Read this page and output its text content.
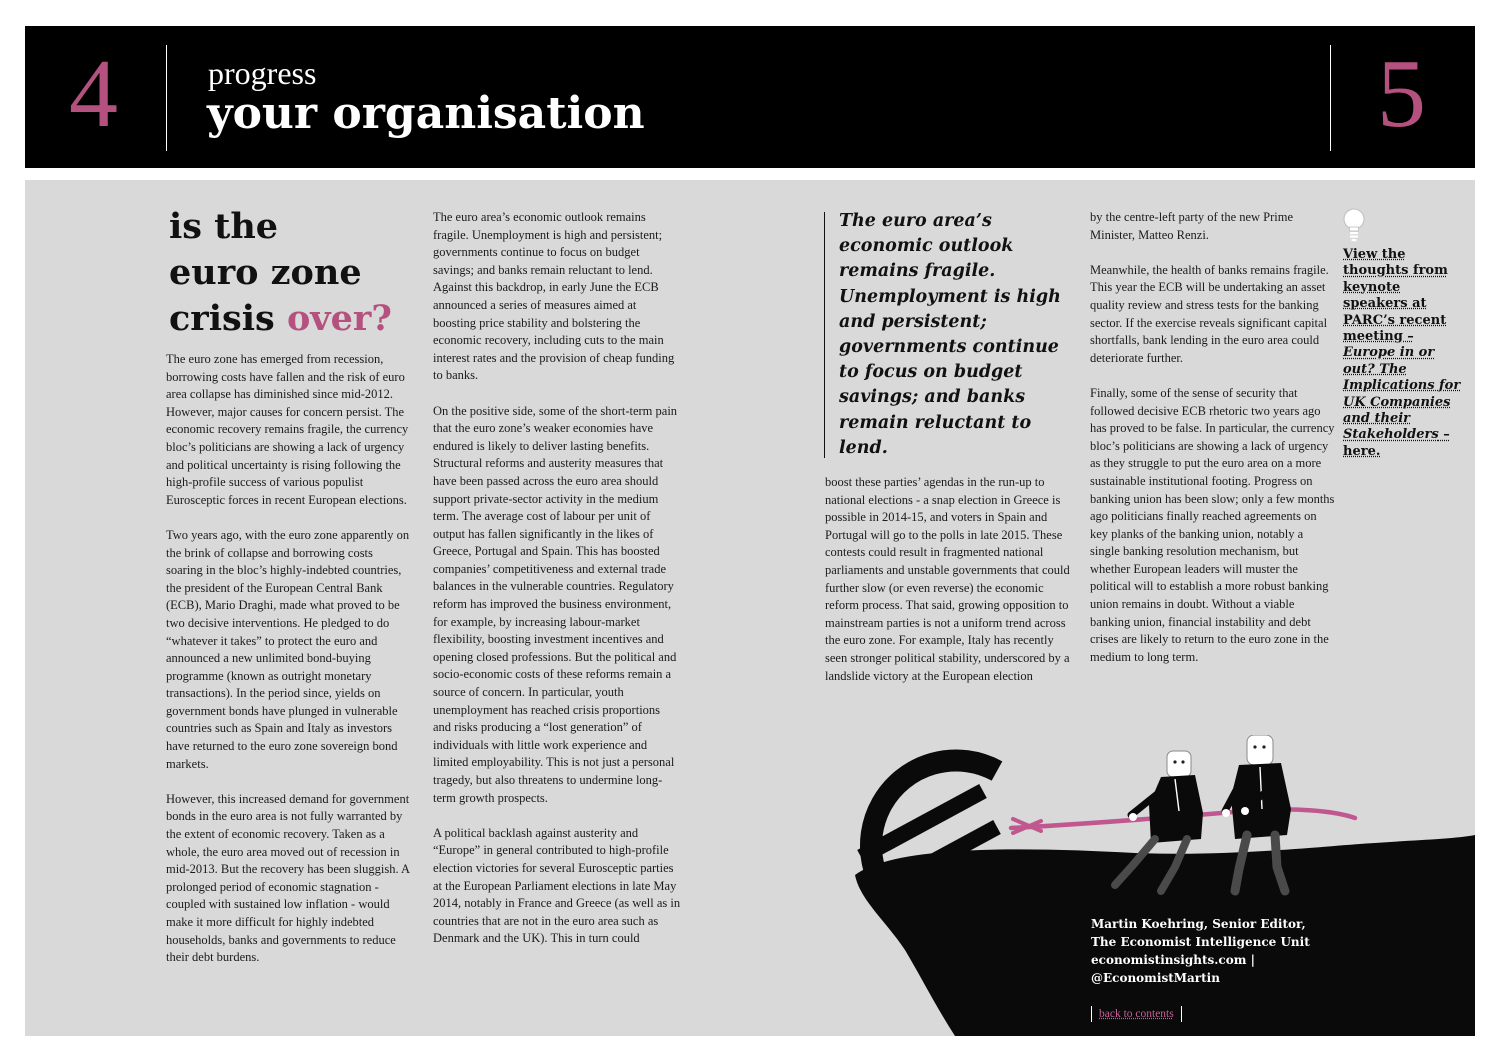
4	progress
your organisation	5
is the
euro zone
crisis over?

The euro zone has emerged from recession, borrowing costs have fallen and the risk of euro area collapse has diminished since mid-2012. However, major causes for concern persist. The economic recovery remains fragile, the currency bloc’s politicians are showing a lack of urgency and political uncertainty is rising following the high-profile success of various populist Eurosceptic forces in recent European elections.

Two years ago, with the euro zone apparently on the brink of collapse and borrowing costs soaring in the bloc’s highly-indebted countries, the president of the European Central Bank (ECB), Mario Draghi, made what proved to be two decisive interventions. He pledged to do “whatever it takes” to protect the euro and announced a new unlimited bond-buying programme (known as outright monetary transactions). In the period since, yields on government bonds have plunged in vulnerable countries such as Spain and Italy as investors have returned to the euro zone sovereign bond markets.

However, this increased demand for government bonds in the euro area is not fully warranted by the extent of economic recovery. Taken as a whole, the euro area moved out of recession in mid-2013. But the recovery has been sluggish. A prolonged period of economic stagnation - coupled with sustained low inflation - would make it more difficult for highly indebted households, banks and governments to reduce their debt burdens.

The euro area’s economic outlook remains fragile. Unemployment is high and persistent; governments continue to focus on budget savings; and banks remain reluctant to lend. Against this backdrop, in early June the ECB announced a series of measures aimed at boosting price stability and bolstering the economic recovery, including cuts to the main interest rates and the provision of cheap funding to banks.

On the positive side, some of the short-term pain that the euro zone’s weaker economies have endured is likely to deliver lasting benefits. Structural reforms and austerity measures that have been passed across the euro area should support private-sector activity in the medium term. The average cost of labour per unit of output has fallen significantly in the likes of Greece, Portugal and Spain. This has boosted companies’ competitiveness and external trade balances in the vulnerable countries. Regulatory reform has improved the business environment, for example, by increasing labour-market flexibility, boosting investment incentives and opening closed professions. But the political and socio-economic costs of these reforms remain a source of concern. In particular, youth unemployment has reached crisis proportions and risks producing a “lost generation” of individuals with little work experience and limited employability. This is not just a personal tragedy, but also threatens to undermine long-term growth prospects.

A political backlash against austerity and “Europe” in general contributed to high-profile election victories for several Eurosceptic parties at the European Parliament elections in late May 2014, notably in France and Greece (as well as in countries that are not in the euro area such as Denmark and the UK). This in turn could

The euro area’s economic outlook remains fragile. Unemployment is high and persistent; governments continue to focus on budget savings; and banks remain reluctant to lend.

boost these parties’ agendas in the run-up to national elections - a snap election in Greece is possible in 2014-15, and voters in Spain and Portugal will go to the polls in late 2015. These contests could result in fragmented national parliaments and unstable governments that could further slow (or even reverse) the economic reform process. That said, growing opposition to mainstream parties is not a uniform trend across the euro zone. For example, Italy has recently seen stronger political stability, underscored by a landslide victory at the European election

by the centre-left party of the new Prime Minister, Matteo Renzi.

Meanwhile, the health of banks remains fragile. This year the ECB will be undertaking an asset quality review and stress tests for the banking sector. If the exercise reveals significant capital shortfalls, bank lending in the euro area could deteriorate further.

Finally, some of the sense of security that followed decisive ECB rhetoric two years ago has proved to be false. In particular, the currency bloc’s politicians are showing a lack of urgency as they struggle to put the euro area on a more sustainable institutional footing. Progress on banking union has been slow; only a few months ago politicians finally reached agreements on key planks of the banking union, notably a single banking resolution mechanism, but whether European leaders will muster the political will to establish a more robust banking union remains in doubt. Without a viable banking union, financial instability and debt crises are likely to return to the euro zone in the medium to long term.

View the thoughts from keynote speakers at PARC’s recent meeting – Europe in or out? The Implications for UK Companies and their Stakeholders – here.
Martin Koehring, Senior Editor,
The Economist Intelligence Unit
economistinsights.com |
@EconomistMartin
back to contents
